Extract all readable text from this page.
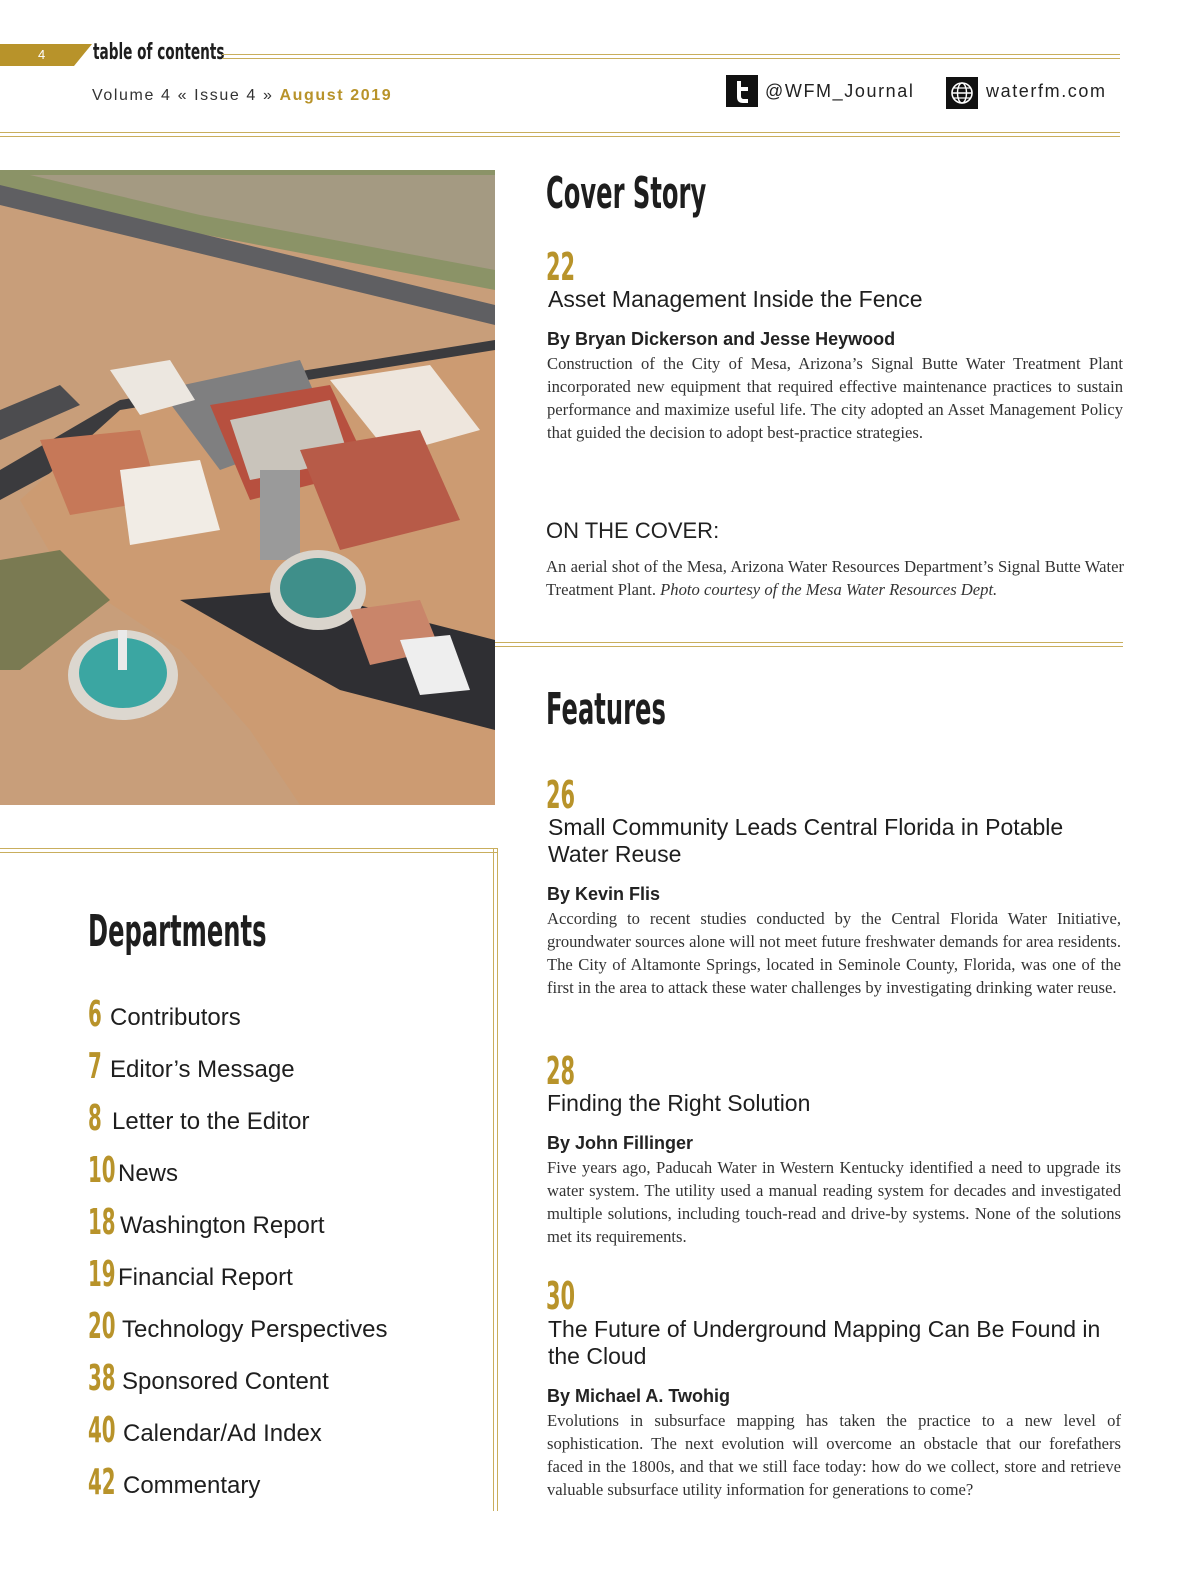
4 table of contents
Volume 4 « Issue 4 » August 2019	@WFM_Journal	waterfm.com
Cover Story
22
Asset Management Inside the Fence
By Bryan Dickerson and Jesse Heywood
Construction of the City of Mesa, Arizona’s Signal Butte Water Treatment Plant incorporated new equipment that required effective maintenance practices to sustain performance and maximize useful life. The city adopted an Asset Management Policy that guided the decision to adopt best-practice strategies.
ON THE COVER:
An aerial shot of the Mesa, Arizona Water Resources Department’s Signal Butte Water Treatment Plant. Photo courtesy of the Mesa Water Resources Dept.
Features
26
Small Community Leads Central Florida in Potable Water Reuse
By Kevin Flis
According to recent studies conducted by the Central Florida Water Initiative, groundwater sources alone will not meet future freshwater demands for area residents. The City of Altamonte Springs, located in Seminole County, Florida, was one of the first in the area to attack these water challenges by investigating drinking water reuse.
28
Finding the Right Solution
By John Fillinger
Five years ago, Paducah Water in Western Kentucky identified a need to upgrade its water system. The utility used a manual reading system for decades and investigated multiple solutions, including touch-read and drive-by systems. None of the solutions met its requirements.
30
The Future of Underground Mapping Can Be Found in the Cloud
By Michael A. Twohig
Evolutions in subsurface mapping has taken the practice to a new level of sophistication. The next evolution will overcome an obstacle that our forefathers faced in the 1800s, and that we still face today: how do we collect, store and retrieve valuable subsurface utility information for generations to come?
Departments
6 Contributors
7 Editor’s Message
8 Letter to the Editor
10 News
18 Washington Report
19 Financial Report
20 Technology Perspectives
38 Sponsored Content
40 Calendar/Ad Index
42 Commentary
